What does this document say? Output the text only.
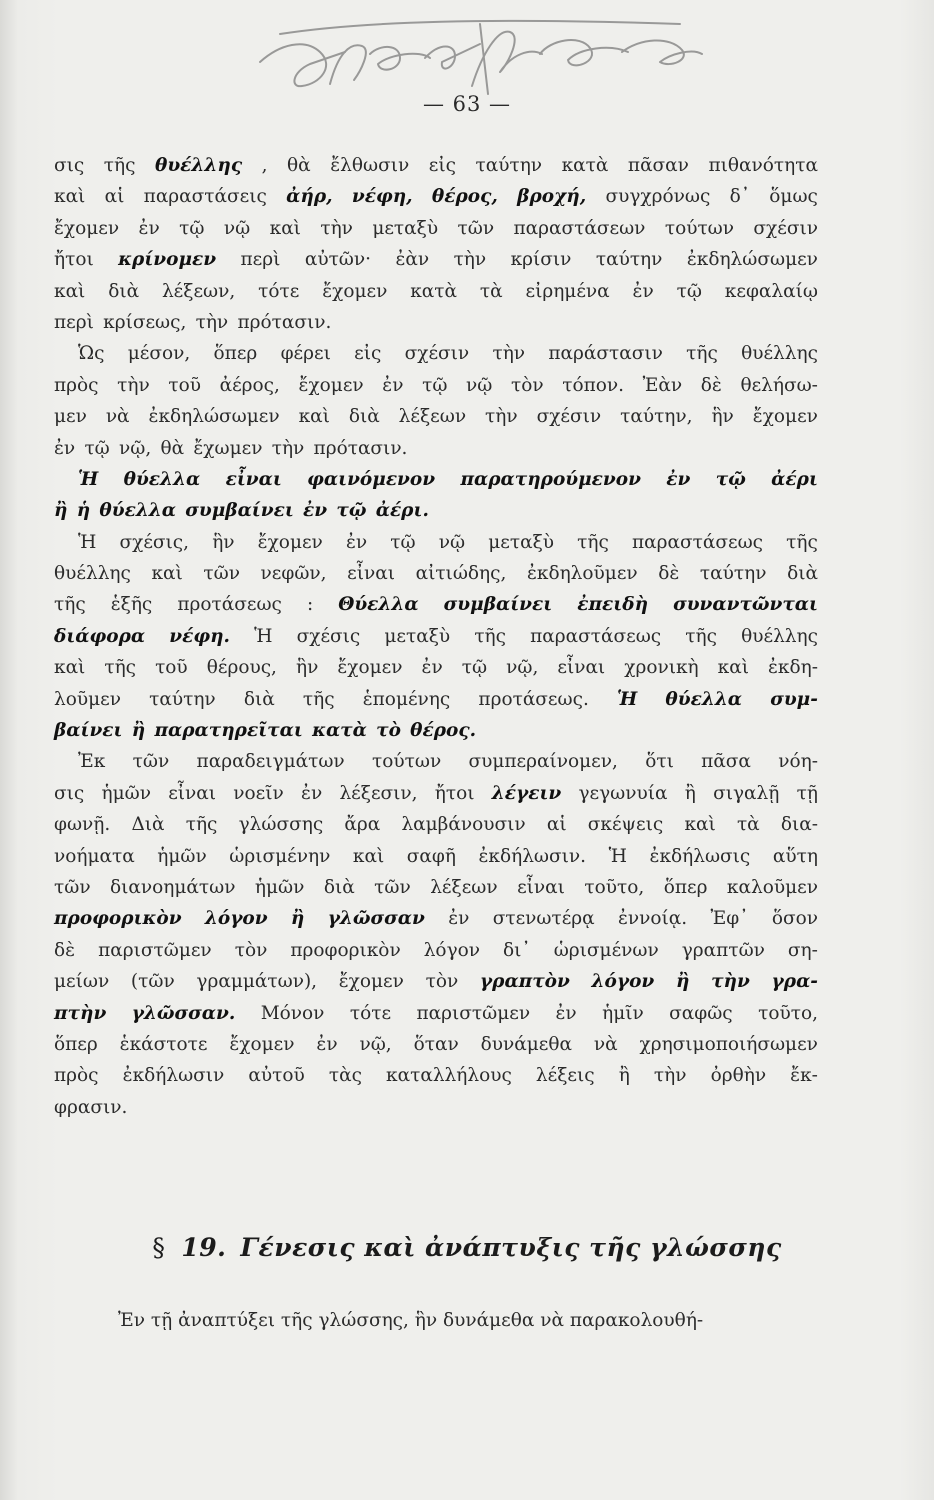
— 63 —
σις τῆς θυέλλης , θὰ ἔλθωσιν εἰς ταύτην κατὰ πᾶσαν πιθανότητα
καὶ αἱ παραστάσεις ἀήρ, νέφη, θέρος, βροχή, συγχρόνως δ᾽ ὅμως
ἔχομεν ἐν τῷ νῷ καὶ τὴν μεταξὺ τῶν παραστάσεων τούτων σχέσιν
ἤτοι κρίνομεν περὶ αὐτῶν· ἐὰν τὴν κρίσιν ταύτην ἐκδηλώσωμεν
καὶ διὰ λέξεων, τότε ἔχομεν κατὰ τὰ εἰρημένα ἐν τῷ κεφαλαίῳ
περὶ κρίσεως, τὴν πρότασιν.
Ὡς μέσον, ὅπερ φέρει εἰς σχέσιν τὴν παράστασιν τῆς θυέλλης
πρὸς τὴν τοῦ ἀέρος, ἔχομεν ἐν τῷ νῷ τὸν τόπον. Ἐὰν δὲ θελήσω-
μεν νὰ ἐκδηλώσωμεν καὶ διὰ λέξεων τὴν σχέσιν ταύτην, ἣν ἔχομεν
ἐν τῷ νῷ, θὰ ἔχωμεν τὴν πρότασιν.
Ἡ θύελλα εἶναι φαινόμενον παρατηρούμενον ἐν τῷ ἀέρι
ἢ ἡ θύελλα συμβαίνει ἐν τῷ ἀέρι.
Ἡ σχέσις, ἣν ἔχομεν ἐν τῷ νῷ μεταξὺ τῆς παραστάσεως τῆς
θυέλλης καὶ τῶν νεφῶν, εἶναι αἰτιώδης, ἐκδηλοῦμεν δὲ ταύτην διὰ
τῆς ἑξῆς προτάσεως : Θύελλα συμβαίνει ἐπειδὴ συναντῶνται
διάφορα νέφη. Ἡ σχέσις μεταξὺ τῆς παραστάσεως τῆς θυέλλης
καὶ τῆς τοῦ θέρους, ἣν ἔχομεν ἐν τῷ νῷ, εἶναι χρονικὴ καὶ ἐκδη-
λοῦμεν ταύτην διὰ τῆς ἑπομένης προτάσεως. Ἡ θύελλα συμ-
βαίνει ἢ παρατηρεῖται κατὰ τὸ θέρος.
Ἐκ τῶν παραδειγμάτων τούτων συμπεραίνομεν, ὅτι πᾶσα νόη-
σις ἡμῶν εἶναι νοεῖν ἐν λέξεσιν, ἤτοι λέγειν γεγωνυία ἢ σιγαλῇ τῇ
φωνῇ. Διὰ τῆς γλώσσης ἄρα λαμβάνουσιν αἱ σκέψεις καὶ τὰ δια-
νοήματα ἡμῶν ὡρισμένην καὶ σαφῆ ἐκδήλωσιν. Ἡ ἐκδήλωσις αὕτη
τῶν διανοημάτων ἡμῶν διὰ τῶν λέξεων εἶναι τοῦτο, ὅπερ καλοῦμεν
προφορικὸν λόγον ἢ γλῶσσαν ἐν στενωτέρᾳ ἐννοίᾳ. Ἐφ᾽ ὅσον
δὲ παριστῶμεν τὸν προφορικὸν λόγον δι᾽ ὡρισμένων γραπτῶν ση-
μείων (τῶν γραμμάτων), ἔχομεν τὸν γραπτὸν λόγον ἢ τὴν γρα-
πτὴν γλῶσσαν. Μόνον τότε παριστῶμεν ἐν ἡμῖν σαφῶς τοῦτο,
ὅπερ ἑκάστοτε ἔχομεν ἐν νῷ, ὅταν δυνάμεθα νὰ χρησιμοποιήσωμεν
πρὸς ἐκδήλωσιν αὐτοῦ τὰς καταλλήλους λέξεις ἢ τὴν ὀρθὴν ἔκ-
φρασιν.
§ 19. Γένεσις καὶ ἀνάπτυξις τῆς γλώσσης
Ἐν τῇ ἀναπτύξει τῆς γλώσσης, ἣν δυνάμεθα νὰ παρακολουθή-
